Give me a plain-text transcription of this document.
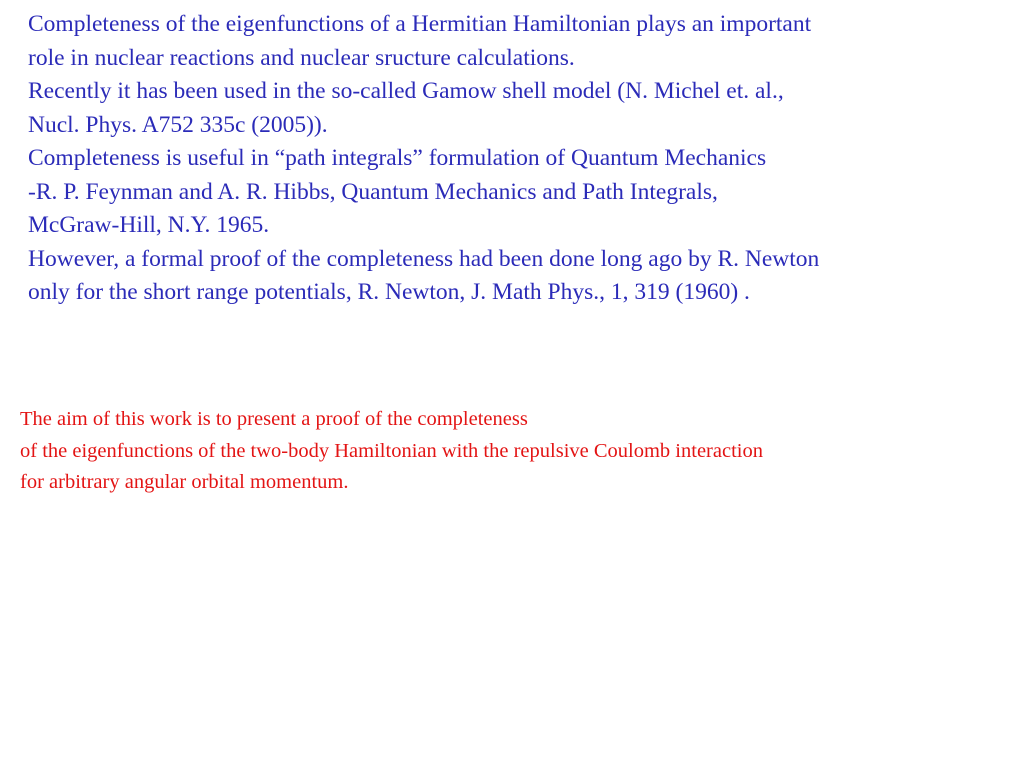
Completeness of the eigenfunctions of a Hermitian Hamiltonian plays an important
role in nuclear reactions and nuclear sructure calculations.
Recently it has been used in the so-called Gamow shell model (N. Michel et. al.,
Nucl. Phys. A752 335c (2005)).
Completeness is useful in “path integrals” formulation of Quantum Mechanics
-R. P. Feynman and A. R. Hibbs, Quantum Mechanics and Path Integrals,
McGraw-Hill, N.Y. 1965.
However, a formal proof of the completeness had been done long ago by R. Newton
only for the short range potentials, R. Newton, J. Math Phys., 1, 319 (1960) .
The aim of this work is to present a proof of the completeness
of the eigenfunctions of the two-body Hamiltonian with the repulsive Coulomb interaction
for arbitrary angular orbital momentum.
